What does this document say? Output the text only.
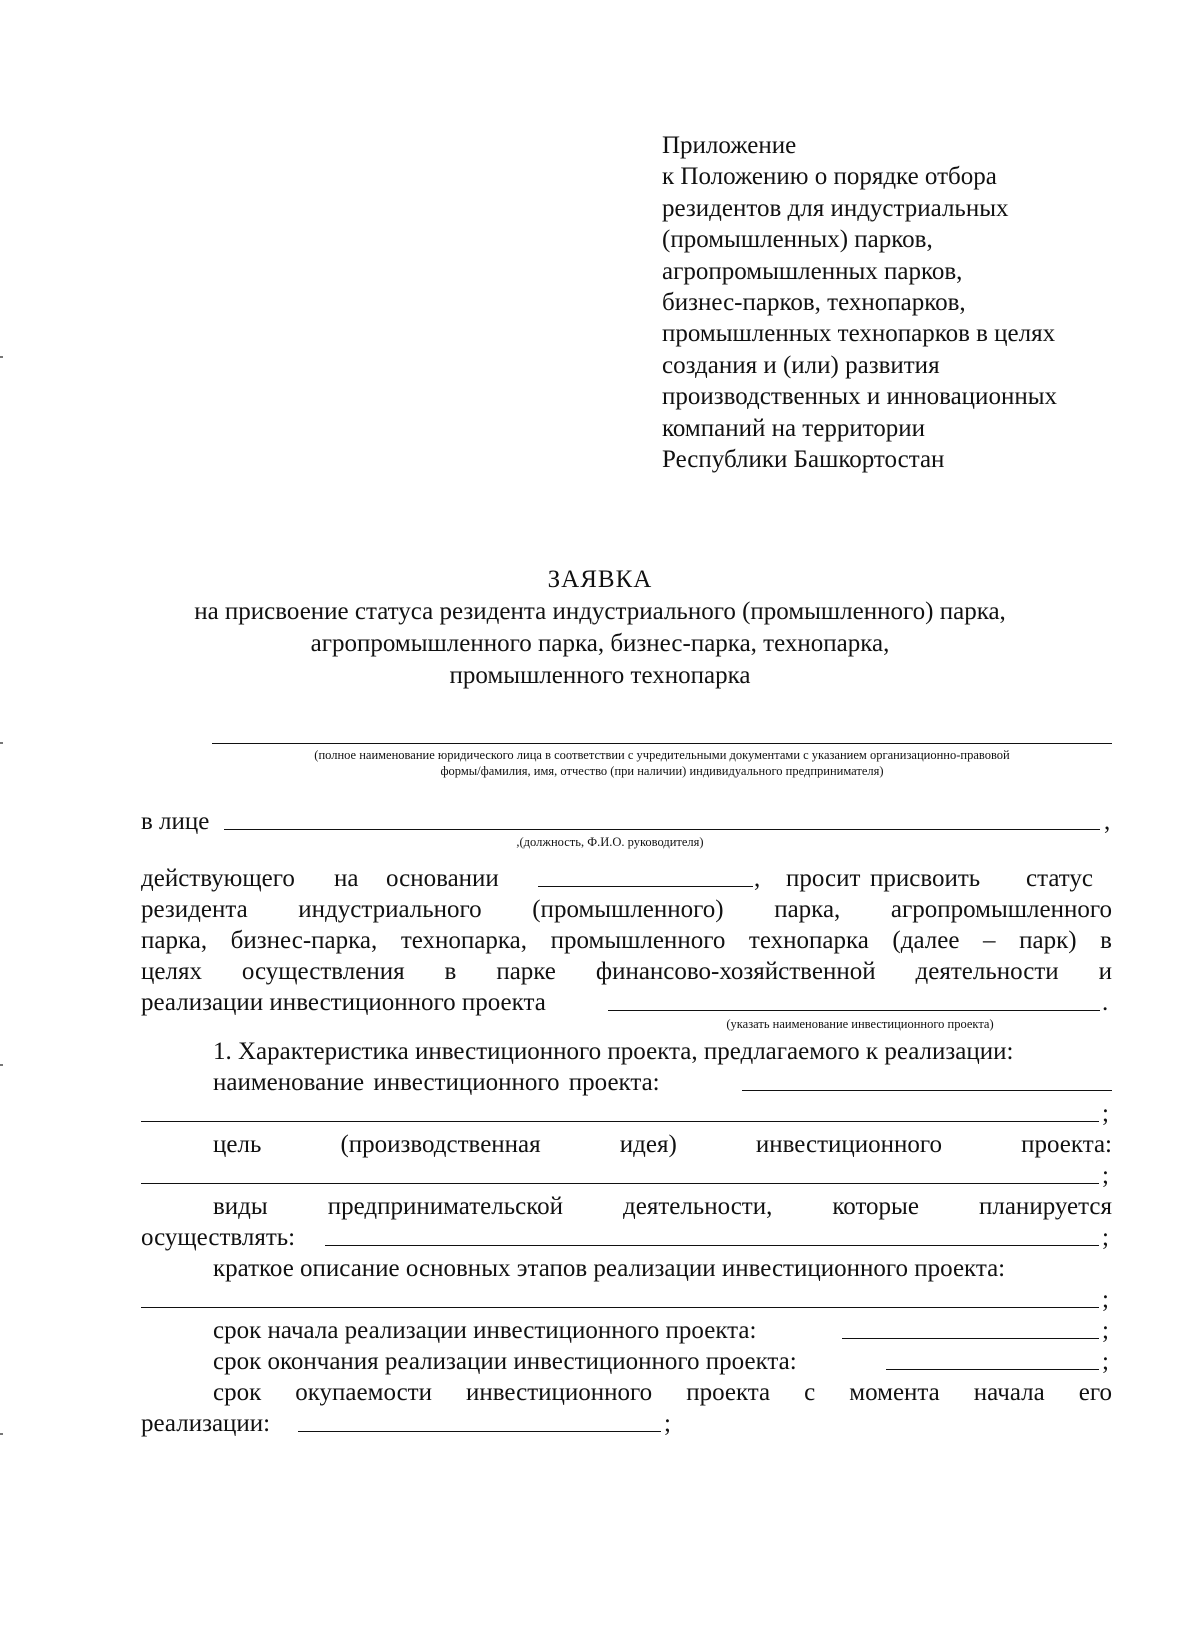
Приложение
к Положению о порядке отбора
резидентов для индустриальных
(промышленных) парков,
агропромышленных парков,
бизнес-парков, технопарков,
промышленных технопарков в целях
создания и (или) развития
производственных и инновационных
компаний на территории
Республики Башкортостан
ЗАЯВКА
на присвоение статуса резидента индустриального (промышленного) парка,
агропромышленного парка, бизнес-парка, технопарка,
промышленного технопарка
(полное наименование юридического лица в соответствии с учредительными документами с указанием организационно-правовой
формы/фамилия, имя, отчество (при наличии) индивидуального предпринимателя)
в лице	,
,(должность, Ф.И.О. руководителя)
действующего на основании	, просит присвоить статус
резидента индустриального (промышленного) парка, агропромышленного
парка, бизнес-парка, технопарка, промышленного технопарка (далее – парк) в
целях осуществления в парке финансово-хозяйственной деятельности и
реализации инвестиционного проекта	.
(указать наименование инвестиционного проекта)
1. Характеристика инвестиционного проекта, предлагаемого к реализации:
наименование инвестиционного проекта:
;
цель	(производственная	идея)	инвестиционного	проекта:
;
виды предпринимательской деятельности, которые планируется
осуществлять:	;
краткое описание основных этапов реализации инвестиционного проекта:
;
срок начала реализации инвестиционного проекта:	;
срок окончания реализации инвестиционного проекта:	;
срок окупаемости инвестиционного проекта с момента начала его
реализации:	;
